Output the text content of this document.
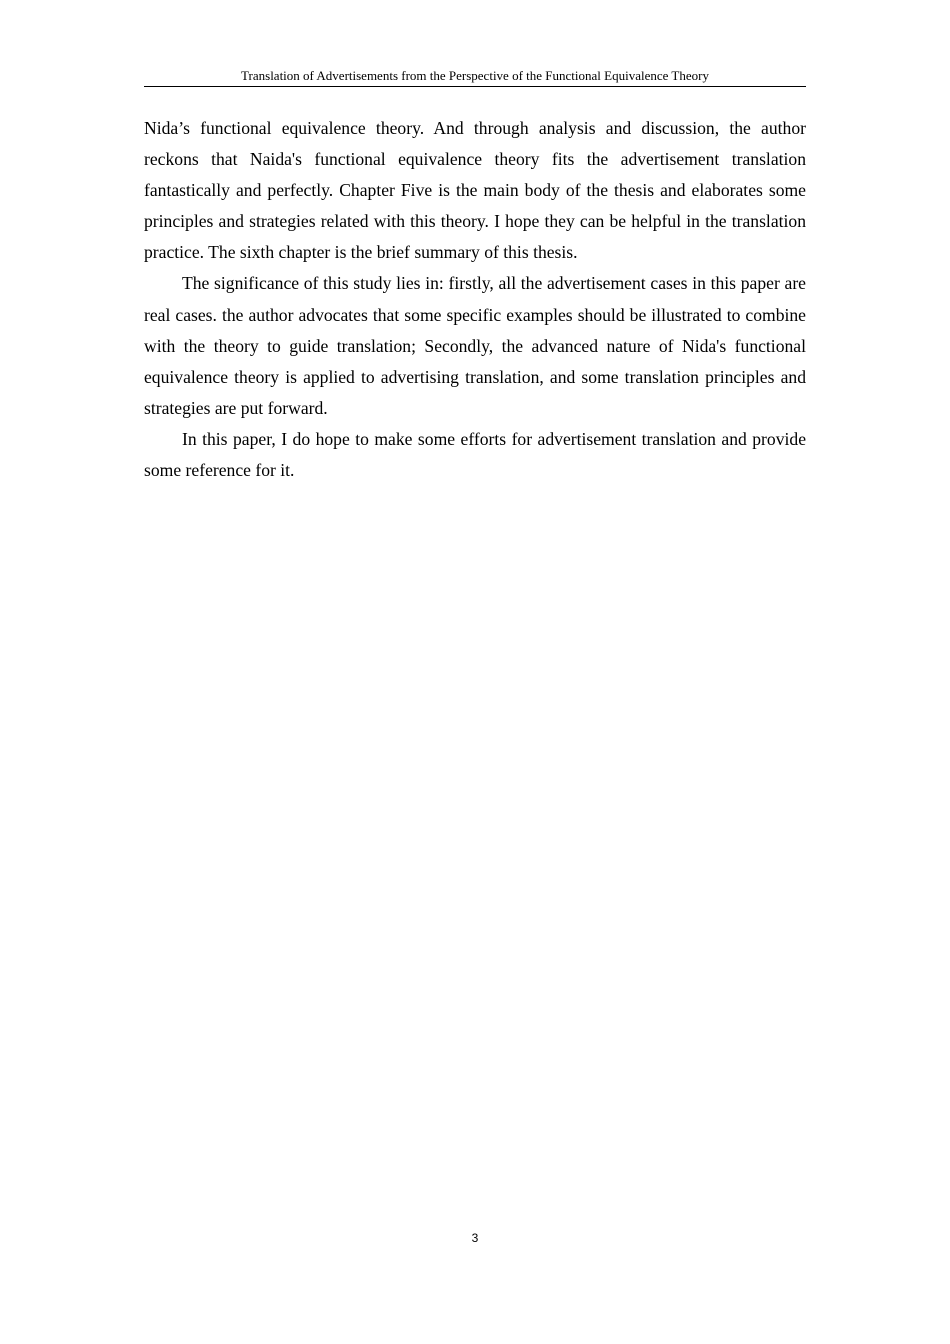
Translation of Advertisements from the Perspective of the Functional Equivalence Theory

Nida’s functional equivalence theory. And through analysis and discussion, the author reckons that Naida's functional equivalence theory fits the advertisement translation fantastically and perfectly. Chapter Five is the main body of the thesis and elaborates some principles and strategies related with this theory. I hope they can be helpful in the translation practice. The sixth chapter is the brief summary of this thesis.

The significance of this study lies in: firstly, all the advertisement cases in this paper are real cases. the author advocates that some specific examples should be illustrated to combine with the theory to guide translation; Secondly, the advanced nature of Nida's functional equivalence theory is applied to advertising translation, and some translation principles and strategies are put forward.

In this paper, I do hope to make some efforts for advertisement translation and provide some reference for it.

3
